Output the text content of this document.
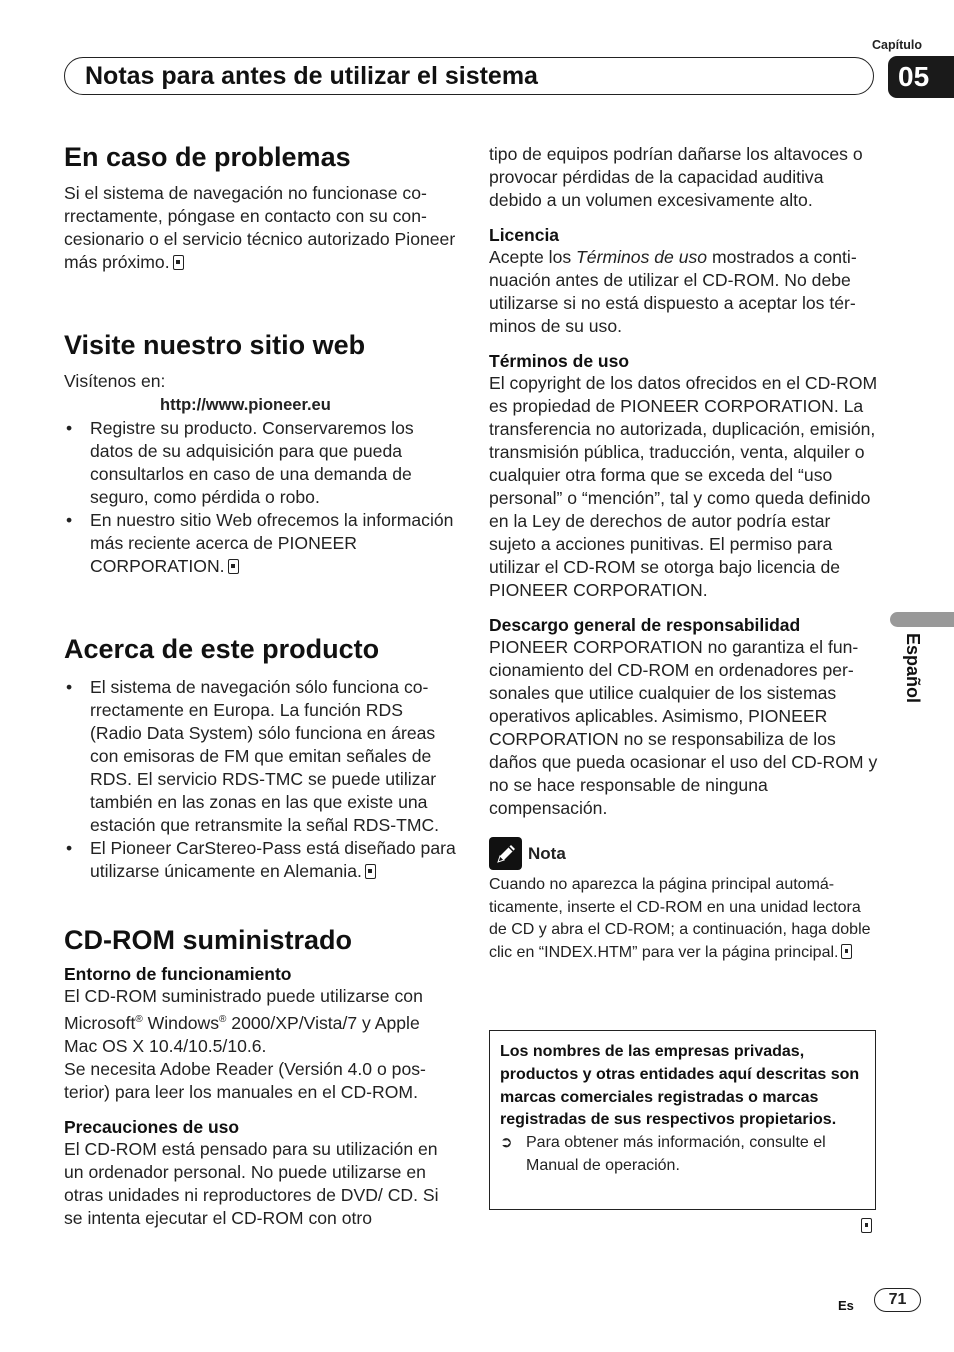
Capítulo
05
Notas para antes de utilizar el sistema
Español
En caso de problemas

Si el sistema de navegación no funcionase correctamente, póngase en contacto con su concesionario o el servicio técnico autorizado Pioneer más próximo.

Visite nuestro sitio web

Visítenos en:

http://www.pioneer.eu
• Registre su producto. Conservaremos los datos de su adquisición para que pueda consultarlos en caso de una demanda de seguro, como pérdida o robo.
• En nuestro sitio Web ofrecemos la información más reciente acerca de PIONEER CORPORATION.
Acerca de este producto
• El sistema de navegación sólo funciona correctamente en Europa. La función RDS (Radio Data System) sólo funciona en áreas con emisoras de FM que emitan señales de RDS. El servicio RDS-TMC se puede utilizar también en las zonas en las que existe una estación que retransmite la señal RDS-TMC.
• El Pioneer CarStereo-Pass está diseñado para utilizarse únicamente en Alemania.
CD-ROM suministrado
Entorno de funcionamiento

El CD-ROM suministrado puede utilizarse con Microsoft® Windows® 2000/XP/Vista/7 y Apple Mac OS X 10.4/10.5/10.6.

Se necesita Adobe Reader (Versión 4.0 o posterior) para leer los manuales en el CD-ROM.

Precauciones de uso

El CD-ROM está pensado para su utilización en un ordenador personal. No puede utilizarse en otras unidades ni reproductores de DVD/ CD. Si se intenta ejecutar el CD-ROM con otro

tipo de equipos podrían dañarse los altavoces o provocar pérdidas de la capacidad auditiva debido a un volumen excesivamente alto.

Licencia

Acepte los Términos de uso mostrados a continuación antes de utilizar el CD-ROM. No debe utilizarse si no está dispuesto a aceptar los términos de su uso.

Términos de uso

El copyright de los datos ofrecidos en el CD-ROM es propiedad de PIONEER CORPORATION. La transferencia no autorizada, duplicación, emisión, transmisión pública, traducción, venta, alquiler o cualquier otra forma que se exceda del “uso personal” o “mención”, tal y como queda definido en la Ley de derechos de autor podría estar sujeto a acciones punitivas. El permiso para utilizar el CD-ROM se otorga bajo licencia de PIONEER CORPORATION.

Descargo general de responsabilidad

PIONEER CORPORATION no garantiza el funcionamiento del CD-ROM en ordenadores personales que utilice cualquier de los sistemas operativos aplicables. Asimismo, PIONEER CORPORATION no se responsabiliza de los daños que pueda ocasionar el uso del CD-ROM y no se hace responsable de ninguna compensación.

Nota

Cuando no aparezca la página principal automáticamente, inserte el CD-ROM en una unidad lectora de CD y abra el CD-ROM; a continuación, haga doble clic en “INDEX.HTM” para ver la página principal.

Los nombres de las empresas privadas, productos y otras entidades aquí descritas son marcas comerciales registradas o marcas registradas de sus respectivos propietarios.

➲ Para obtener más información, consulte el Manual de operación.
Es	71
